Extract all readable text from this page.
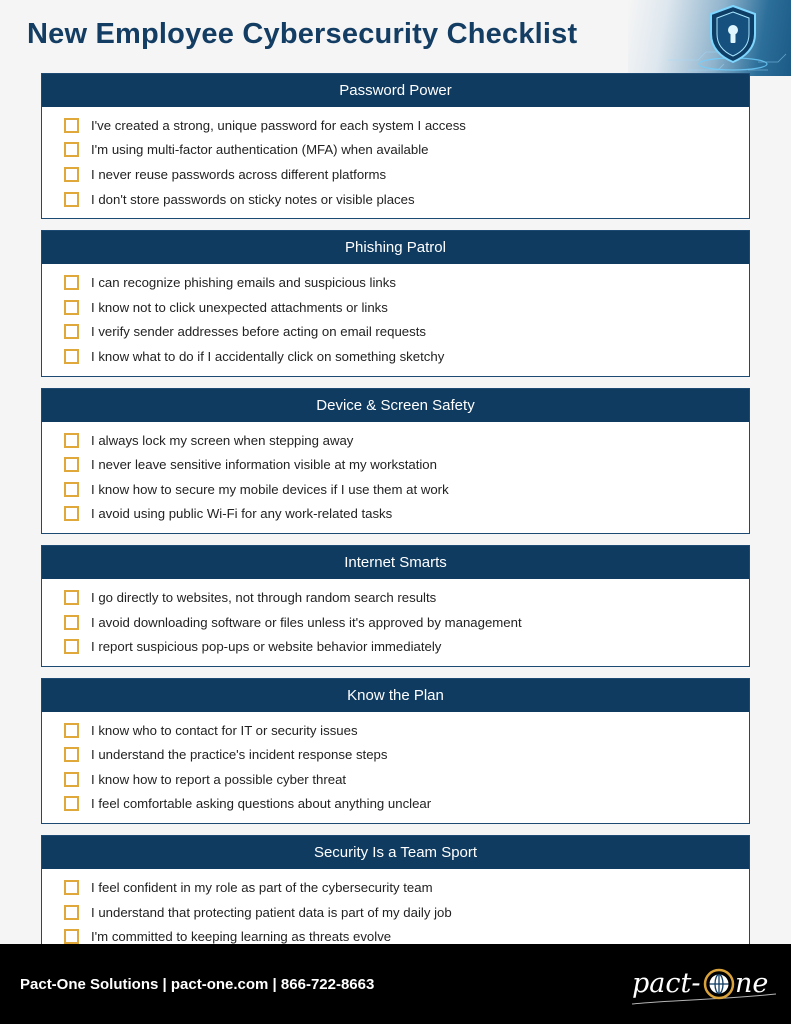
New Employee Cybersecurity Checklist
Password Power
I've created a strong, unique password for each system I access
I'm using multi-factor authentication (MFA) when available
I never reuse passwords across different platforms
I don't store passwords on sticky notes or visible places
Phishing Patrol
I can recognize phishing emails and suspicious links
I know not to click unexpected attachments or links
I verify sender addresses before acting on email requests
I know what to do if I accidentally click on something sketchy
Device & Screen Safety
I always lock my screen when stepping away
I never leave sensitive information visible at my workstation
I know how to secure my mobile devices if I use them at work
I avoid using public Wi-Fi for any work-related tasks
Internet Smarts
I go directly to websites, not through random search results
I avoid downloading software or files unless it's approved by management
I report suspicious pop-ups or website behavior immediately
Know the Plan
I know who to contact for IT or security issues
I understand the practice's incident response steps
I know how to report a possible cyber threat
I feel comfortable asking questions about anything unclear
Security Is a Team Sport
I feel confident in my role as part of the cybersecurity team
I understand that protecting patient data is part of my daily job
I'm committed to keeping learning as threats evolve
Pact-One Solutions | pact-one.com | 866-722-8663	pact- ne
